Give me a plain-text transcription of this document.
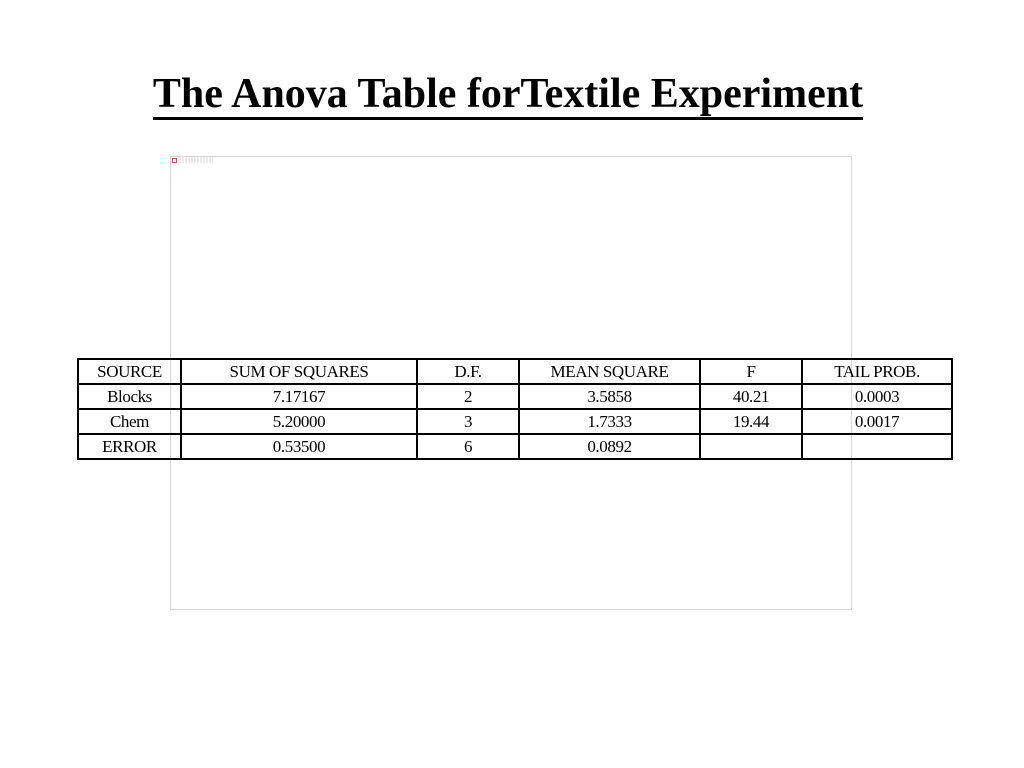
The Anova Table forTextile Experiment
SOURCE	SUM OF SQUARES	D.F.	MEAN SQUARE	F	TAIL PROB.
Blocks	7.17167	2	3.5858	40.21	0.0003
Chem	5.20000	3	1.7333	19.44	0.0017
ERROR	0.53500	6	0.0892		
